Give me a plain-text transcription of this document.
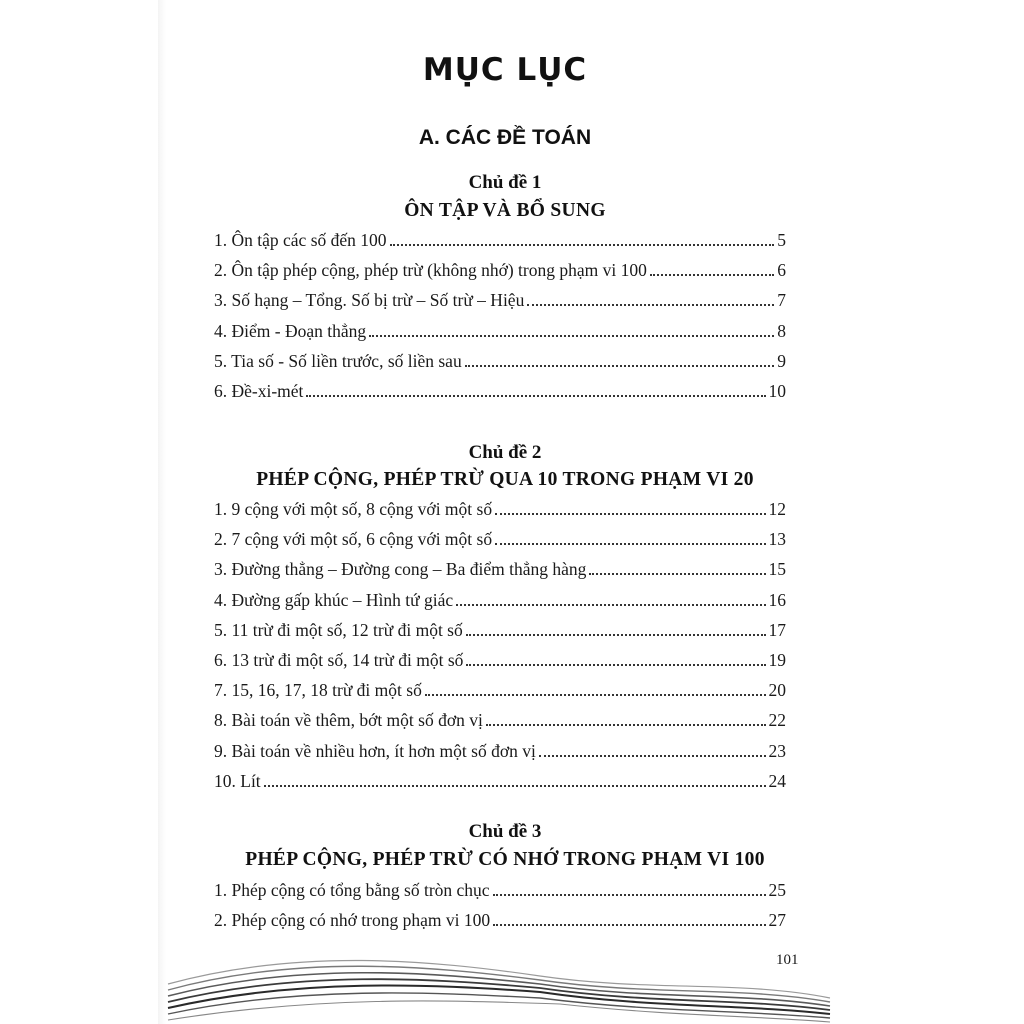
MỤC LỤC
A. CÁC ĐỀ TOÁN
Chủ đề 1
ÔN TẬP VÀ BỔ SUNG
1. Ôn tập các số đến 100	5
2. Ôn tập phép cộng, phép trừ (không nhớ) trong phạm vi 100	6
3. Số hạng – Tổng. Số bị trừ – Số trừ – Hiệu	7
4. Điểm - Đoạn thẳng	8
5. Tia số - Số liền trước, số liền sau	9
6. Đề-xi-mét	10
Chủ đề 2
PHÉP CỘNG, PHÉP TRỪ QUA 10 TRONG PHẠM VI 20
1. 9 cộng với một số, 8 cộng với một số	12
2. 7 cộng với một số, 6 cộng với một số	13
3. Đường thẳng – Đường cong – Ba điểm thẳng hàng	15
4. Đường gấp khúc – Hình tứ giác	16
5. 11 trừ đi một số, 12 trừ đi một số	17
6. 13 trừ đi một số, 14 trừ đi một số	19
7. 15, 16, 17, 18 trừ đi một số	20
8. Bài toán về thêm, bớt một số đơn vị	22
9. Bài toán về nhiều hơn, ít hơn một số đơn vị	23
10. Lít	24
Chủ đề 3
PHÉP CỘNG, PHÉP TRỪ CÓ NHỚ TRONG PHẠM VI 100
1. Phép cộng có tổng bằng số tròn chục	25
2. Phép cộng có nhớ trong phạm vi 100	27
101
